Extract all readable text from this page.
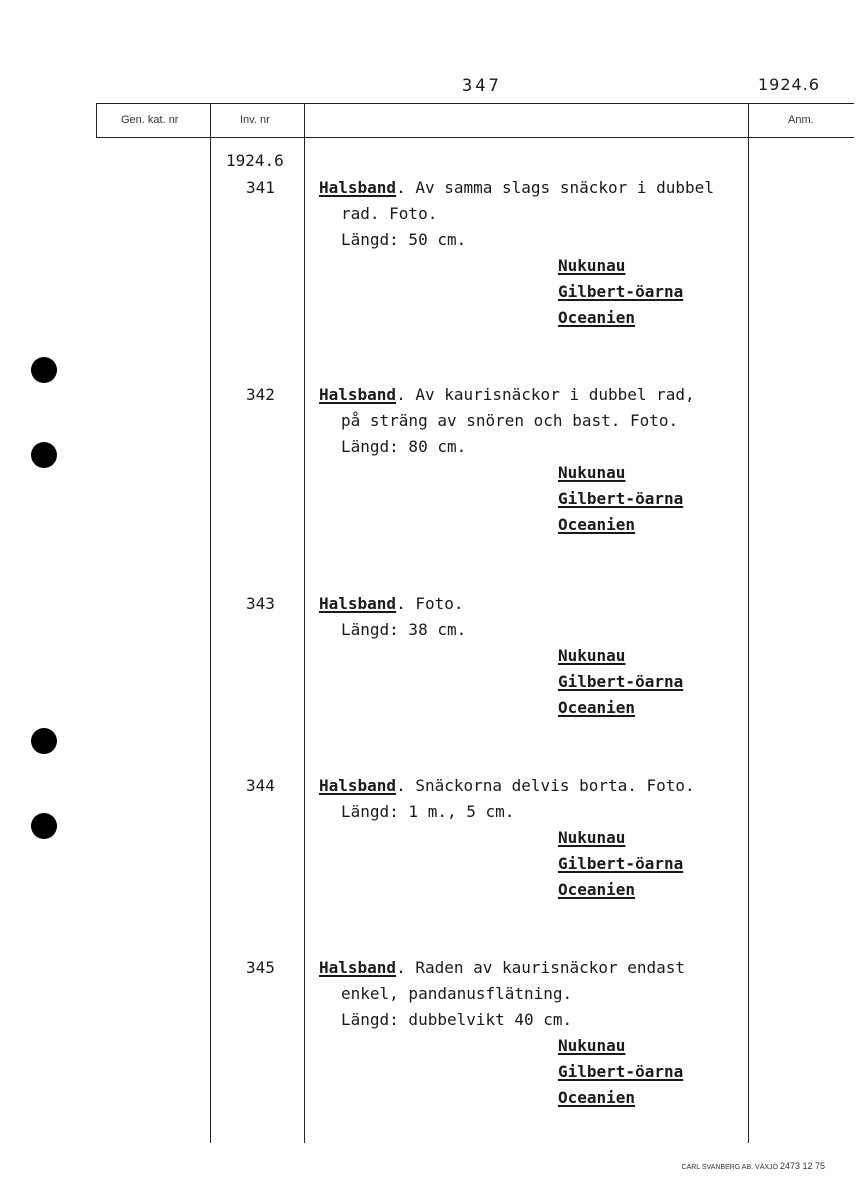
347	1924.6
Gen. kat. nr	Inv. nr	Anm.
1924.6
341	Halsband. Av samma slags snäckor i dubbel
rad. Foto.
Längd: 50 cm.
Nukunau
Gilbert-öarna
Oceanien
342	Halsband. Av kaurisnäckor i dubbel rad,
på sträng av snören och bast. Foto.
Längd: 80 cm.
Nukunau
Gilbert-öarna
Oceanien
343	Halsband. Foto.
Längd: 38 cm.
Nukunau
Gilbert-öarna
Oceanien
344	Halsband. Snäckorna delvis borta. Foto.
Längd: 1 m., 5 cm.
Nukunau
Gilbert-öarna
Oceanien
345	Halsband. Raden av kaurisnäckor endast
enkel, pandanusflätning.
Längd: dubbelvikt 40 cm.
Nukunau
Gilbert-öarna
Oceanien
CARL SVANBERG AB. VÄXJÖ 2473 12 75
